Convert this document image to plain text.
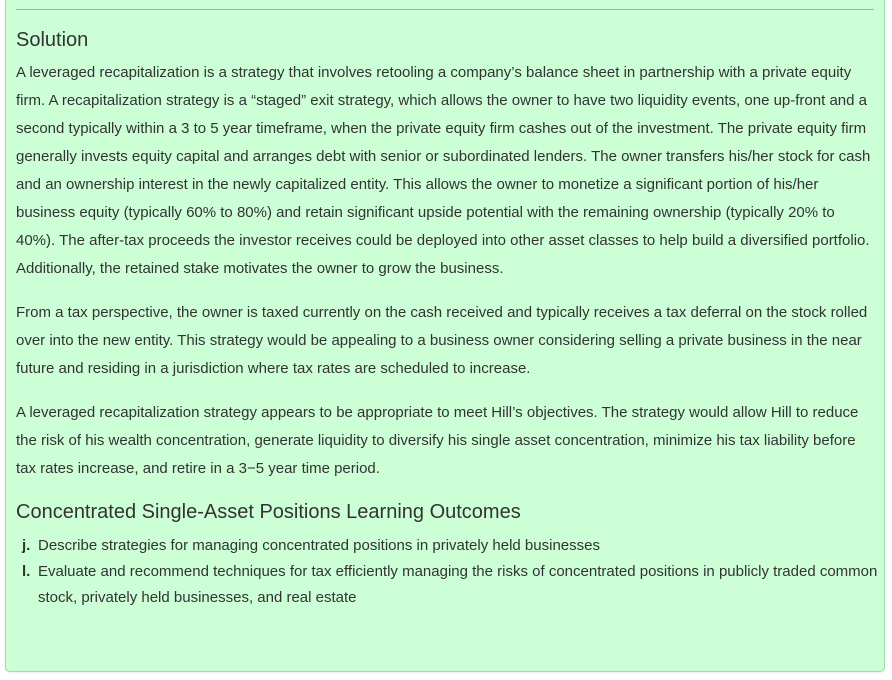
Solution

A leveraged recapitalization is a strategy that involves retooling a company’s balance sheet in partnership with a private equity firm. A recapitalization strategy is a “staged” exit strategy, which allows the owner to have two liquidity events, one up-front and a second typically within a 3 to 5 year timeframe, when the private equity firm cashes out of the investment. The private equity firm generally invests equity capital and arranges debt with senior or subordinated lenders. The owner transfers his/her stock for cash and an ownership interest in the newly capitalized entity. This allows the owner to monetize a significant portion of his/her business equity (typically 60% to 80%) and retain significant upside potential with the remaining ownership (typically 20% to 40%). The after-tax proceeds the investor receives could be deployed into other asset classes to help build a diversified portfolio. Additionally, the retained stake motivates the owner to grow the business.

From a tax perspective, the owner is taxed currently on the cash received and typically receives a tax deferral on the stock rolled over into the new entity. This strategy would be appealing to a business owner considering selling a private business in the near future and residing in a jurisdiction where tax rates are scheduled to increase.

A leveraged recapitalization strategy appears to be appropriate to meet Hill’s objectives. The strategy would allow Hill to reduce the risk of his wealth concentration, generate liquidity to diversify his single asset concentration, minimize his tax liability before tax rates increase, and retire in a 3−5 year time period.

Concentrated Single-Asset Positions Learning Outcomes
j. Describe strategies for managing concentrated positions in privately held businesses
l. Evaluate and recommend techniques for tax efficiently managing the risks of concentrated positions in publicly traded common stock, privately held businesses, and real estate
